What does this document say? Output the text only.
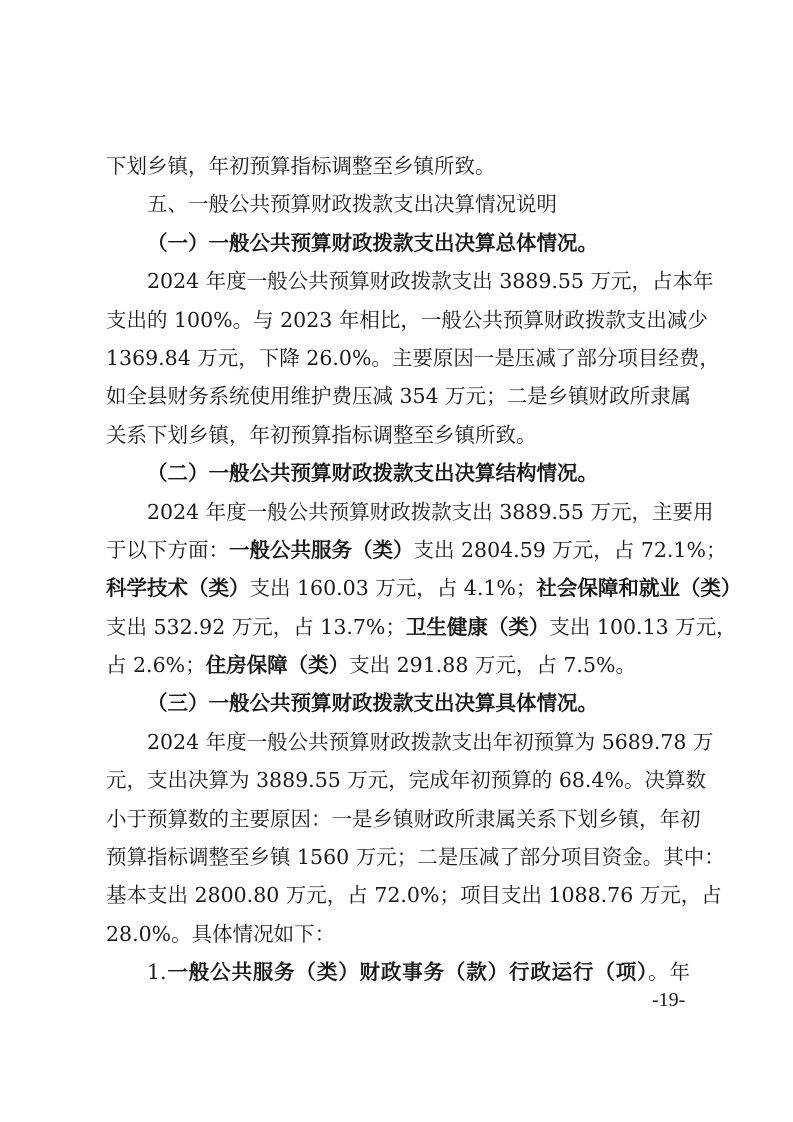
下划乡镇，年初预算指标调整至乡镇所致。
五、一般公共预算财政拨款支出决算情况说明
（一）一般公共预算财政拨款支出决算总体情况。
2024 年度一般公共预算财政拨款支出 3889.55 万元，占本年
支出的 100%。与 2023 年相比，一般公共预算财政拨款支出减少
1369.84 万元，下降 26.0%。主要原因一是压减了部分项目经费，
如全县财务系统使用维护费压减 354 万元；二是乡镇财政所隶属
关系下划乡镇，年初预算指标调整至乡镇所致。
（二）一般公共预算财政拨款支出决算结构情况。
2024 年度一般公共预算财政拨款支出 3889.55 万元，主要用
于以下方面：一般公共服务（类）支出 2804.59 万元，占 72.1%；
科学技术（类）支出 160.03 万元，占 4.1%；社会保障和就业（类）
支出 532.92 万元，占 13.7%；卫生健康（类）支出 100.13 万元，
占 2.6%；住房保障（类）支出 291.88 万元，占 7.5%。
（三）一般公共预算财政拨款支出决算具体情况。
2024 年度一般公共预算财政拨款支出年初预算为 5689.78 万
元，支出决算为 3889.55 万元，完成年初预算的 68.4%。决算数
小于预算数的主要原因：一是乡镇财政所隶属关系下划乡镇，年初
预算指标调整至乡镇 1560 万元；二是压减了部分项目资金。其中：
基本支出 2800.80 万元，占 72.0%；项目支出 1088.76 万元，占
28.0%。具体情况如下：
1.一般公共服务（类）财政事务（款）行政运行（项）。年
-19-
